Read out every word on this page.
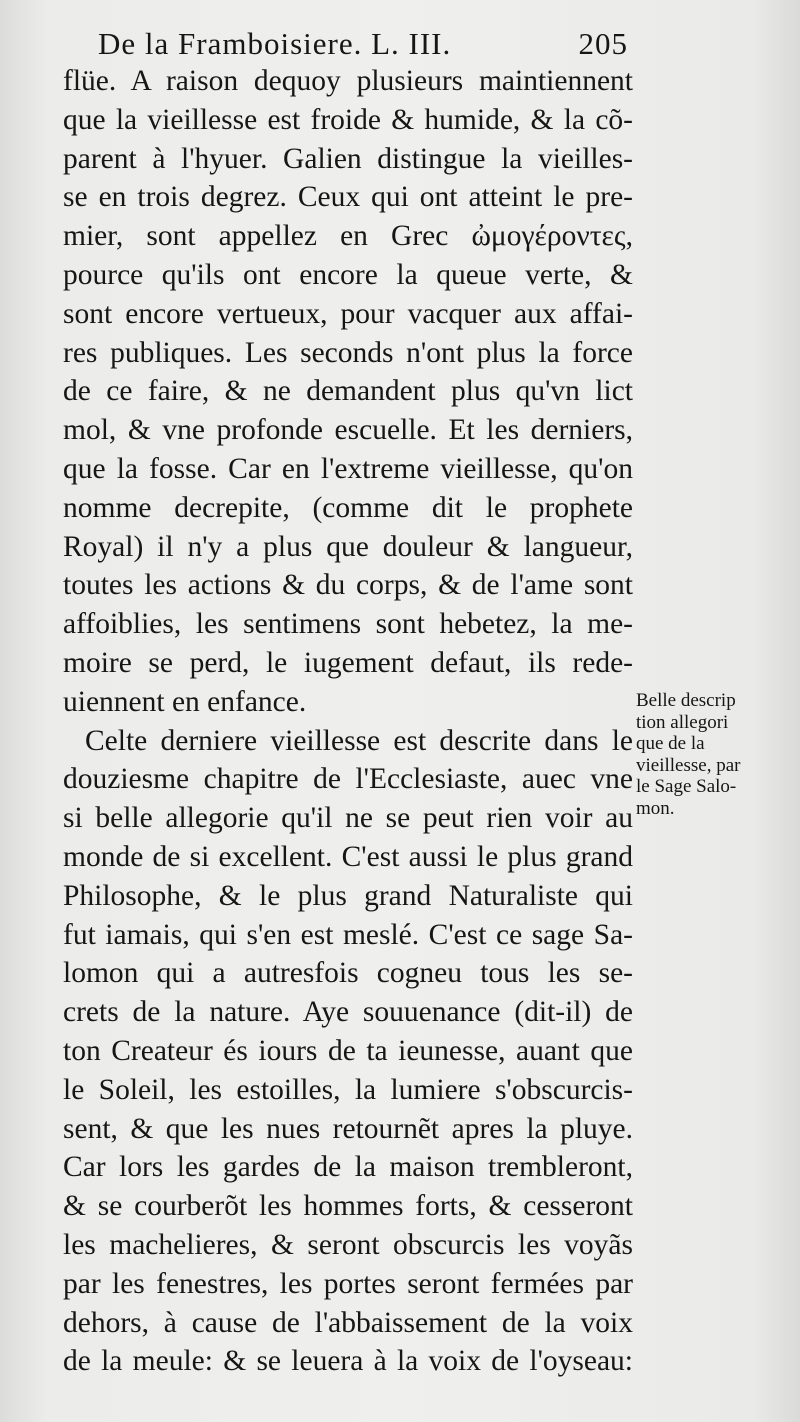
De la Framboisiere. L. III.	205
flüe. A raison dequoy plusieurs maintiennent
que la vieillesse est froide & humide, & la cõ-
parent à l'hyuer. Galien distingue la vieilles-
se en trois degrez. Ceux qui ont atteint le pre-
mier, sont appellez en Grec ὠμογέροντες,
pource qu'ils ont encore la queue verte, &
sont encore vertueux, pour vacquer aux affai-
res publiques. Les seconds n'ont plus la force
de ce faire, & ne demandent plus qu'vn lict
mol, & vne profonde escuelle. Et les derniers,
que la fosse. Car en l'extreme vieillesse, qu'on
nomme decrepite, (comme dit le prophete
Royal) il n'y a plus que douleur & langueur,
toutes les actions & du corps, & de l'ame sont
affoiblies, les sentimens sont hebetez, la me-
moire se perd, le iugement defaut, ils rede-
uiennent en enfance.
Celte derniere vieillesse est descrite dans le
douziesme chapitre de l'Ecclesiaste, auec vne
si belle allegorie qu'il ne se peut rien voir au
monde de si excellent. C'est aussi le plus grand
Philosophe, & le plus grand Naturaliste qui
fut iamais, qui s'en est meslé. C'est ce sage Sa-
lomon qui a autresfois cogneu tous les se-
crets de la nature. Aye souuenance (dit-il) de
ton Createur és iours de ta ieunesse, auant que
le Soleil, les estoilles, la lumiere s'obscurcis-
sent, & que les nues retournẽt apres la pluye.
Car lors les gardes de la maison trembleront,
& se courberõt les hommes forts, & cesseront
les machelieres, & seront obscurcis les voyãs
par les fenestres, les portes seront fermées par
dehors, à cause de l'abbaissement de la voix
de la meule: & se leuera à la voix de l'oyseau:
Belle descrip
tion allegori
que de la
vieillesse, par
le Sage Salo-
mon.
